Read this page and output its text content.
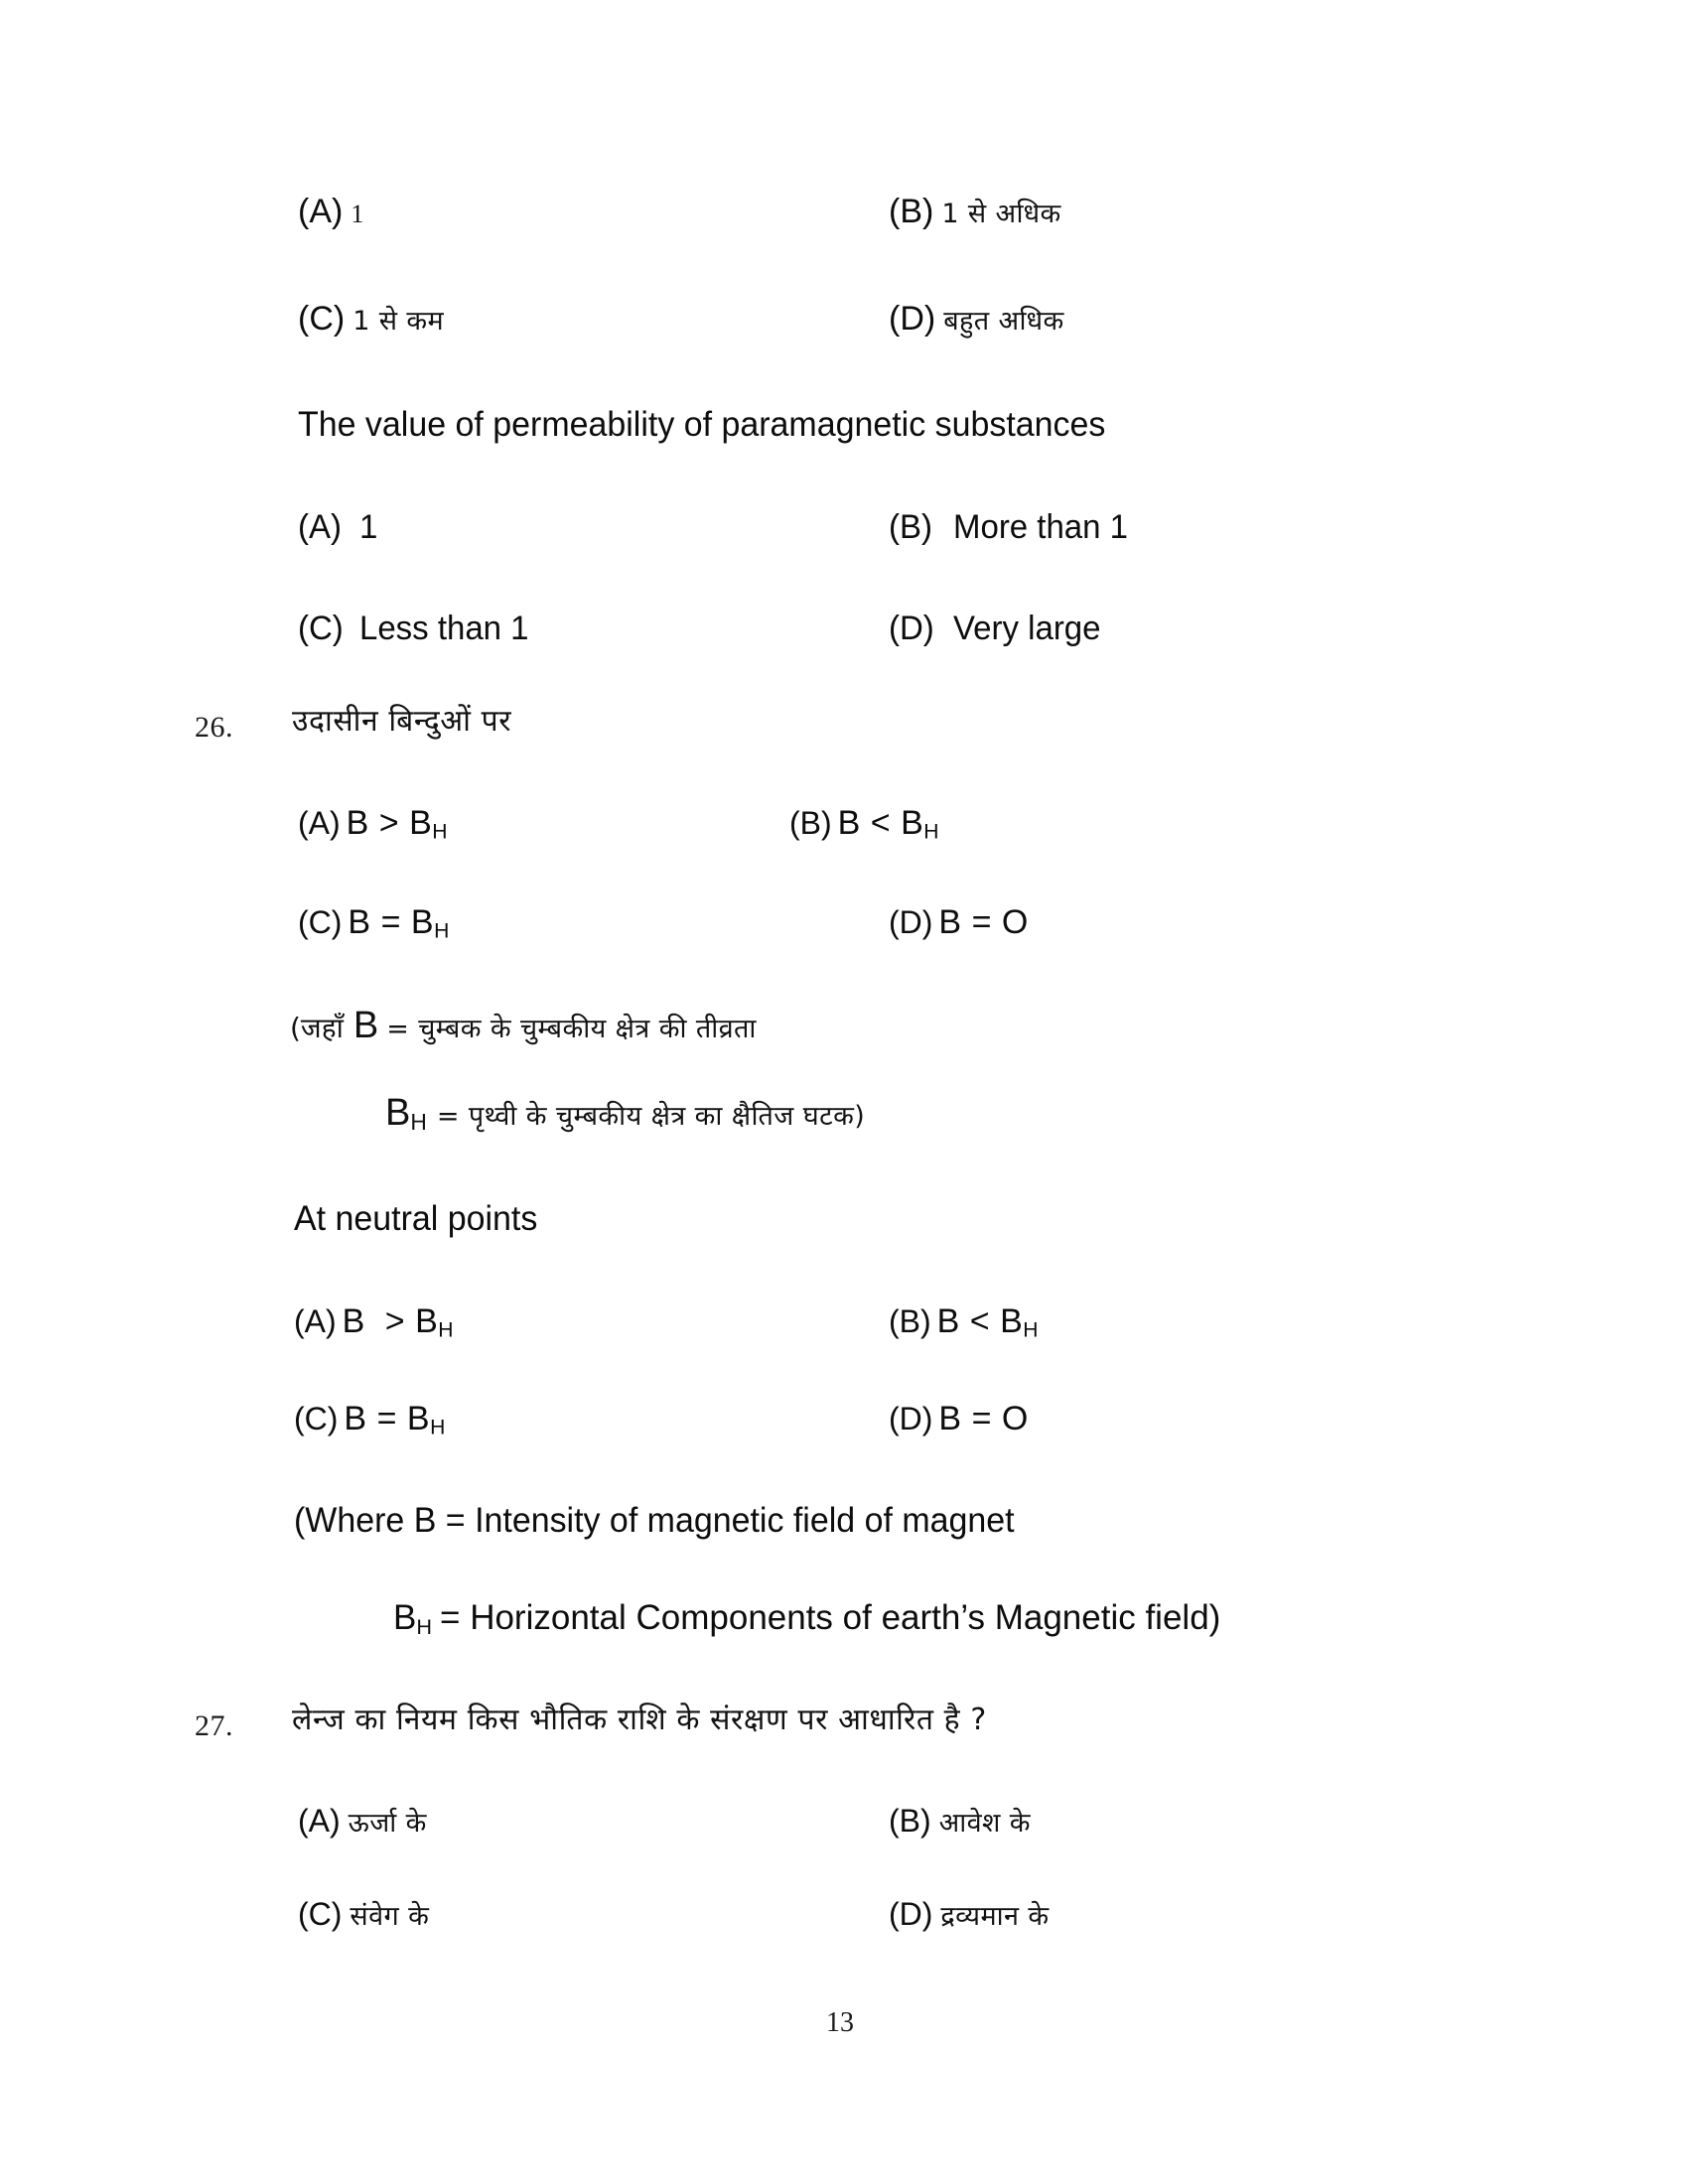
(A) 1	(B) 1 से अधिक
(C) 1 से कम	(D) बहुत अधिक
The value of permeability of paramagnetic substances
(A) 1	(B) More than 1
(C) Less than 1	(D) Very large
26. उदासीन बिन्दुओं पर
(A) $B > B_H$	(B) $B < B_H$
(C) $B = B_H$	(D) B = O
(जहाँ B = चुम्बक के चुम्बकीय क्षेत्र की तीव्रता
$B_H$ = पृथ्वी के चुम्बकीय क्षेत्र का क्षैतिज घटक)
At neutral points
(A) $B > B_H$	(B) $B < B_H$
(C) $B = B_H$	(D) B = O
(Where B = Intensity of magnetic field of magnet
$B_H$ = Horizontal Components of earth’s Magnetic field)
27. लेन्ज का नियम किस भौतिक राशि के संरक्षण पर आधारित है ?
(A) ऊर्जा के	(B) आवेश के
(C) संवेग के	(D) द्रव्यमान के
13
